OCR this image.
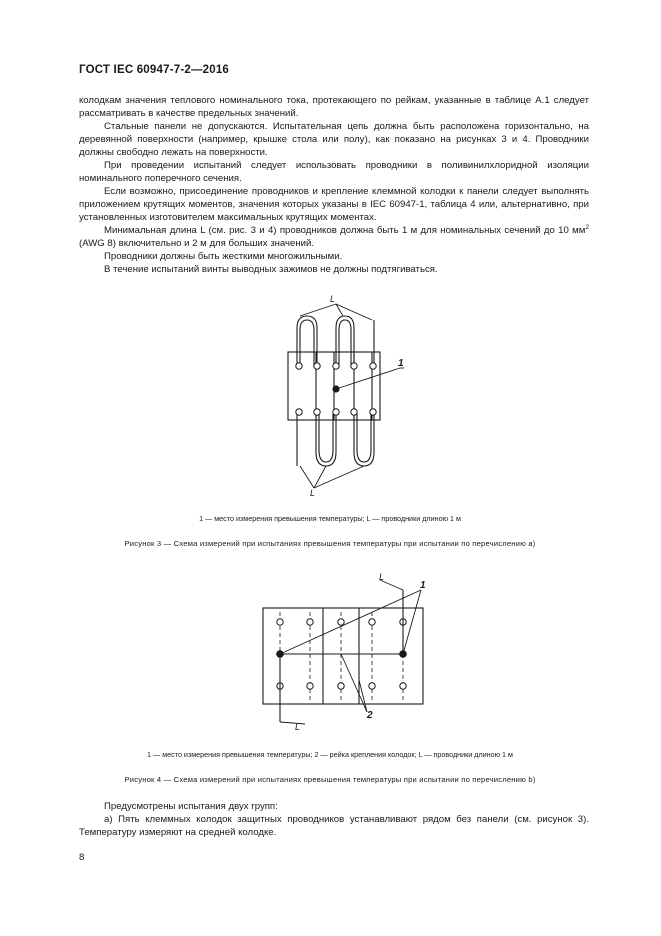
ГОСТ IEC 60947-7-2—2016

колодкам значения теплового номинального тока, протекающего по рейкам, указанные в таблице А.1 следует рассматривать в качестве предельных значений.

Стальные панели не допускаются. Испытательная цепь должна быть расположена горизонтально, на деревянной поверхности (например, крышке стола или полу), как показано на рисунках 3 и 4. Проводники должны свободно лежать на поверхности.

При проведении испытаний следует использовать проводники в поливинилхлоридной изоляции номинального поперечного сечения.

Если возможно, присоединение проводников и крепление клеммной колодки к панели следует выполнять приложением крутящих моментов, значения которых указаны в IEC 60947-1, таблица 4 или, альтернативно, при установленных изготовителем максимальных крутящих моментах.

Минимальная длина L (см. рис. 3 и 4) проводников должна быть 1 м для номинальных сечений до 10 $мм^2$ (AWG 8) включительно и 2 м для больших значений.

Проводники должны быть жесткими многожильными.

В течение испытаний винты выводных зажимов не должны подтягиваться.

L
1
L
1 — место измерения превышения температуры; L — проводники длиною 1 м
Рисунок 3 — Схема измерений при испытаниях превышения температуры при испытании по перечислению а)
L
1
2
L
1 — место измерения превышения температуры; 2 — рейка крепления колодок; L — проводники длиною 1 м
Рисунок 4 — Схема измерений при испытаниях превышения температуры при испытании по перечислению b)

Предусмотрены испытания двух групп:

а) Пять клеммных колодок защитных проводников устанавливают рядом без панели (см. рисунок 3). Температуру измеряют на средней колодке.

8
